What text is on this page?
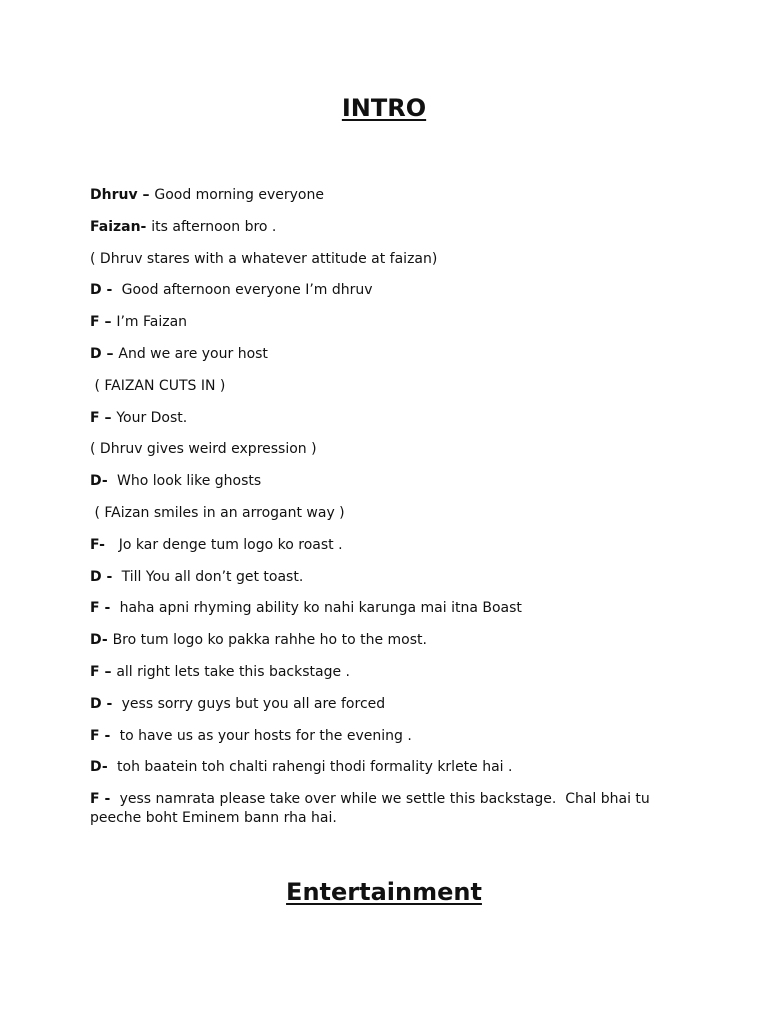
INTRO

Dhruv – Good morning everyone

Faizan- its afternoon bro .

( Dhruv stares with a whatever attitude at faizan)

D -  Good afternoon everyone I’m dhruv

F – I’m Faizan

D – And we are your host

( FAIZAN CUTS IN )

F – Your Dost.

( Dhruv gives weird expression )

D-  Who look like ghosts

( FAizan smiles in an arrogant way )

F-   Jo kar denge tum logo ko roast .

D -  Till You all don’t get toast.

F -  haha apni rhyming ability ko nahi karunga mai itna Boast

D- Bro tum logo ko pakka rahhe ho to the most.

F – all right lets take this backstage .

D -  yess sorry guys but you all are forced

F -  to have us as your hosts for the evening .

D-  toh baatein toh chalti rahengi thodi formality krlete hai .

F -  yess namrata please take over while we settle this backstage.  Chal bhai tu peeche boht Eminem bann rha hai.

Entertainment
